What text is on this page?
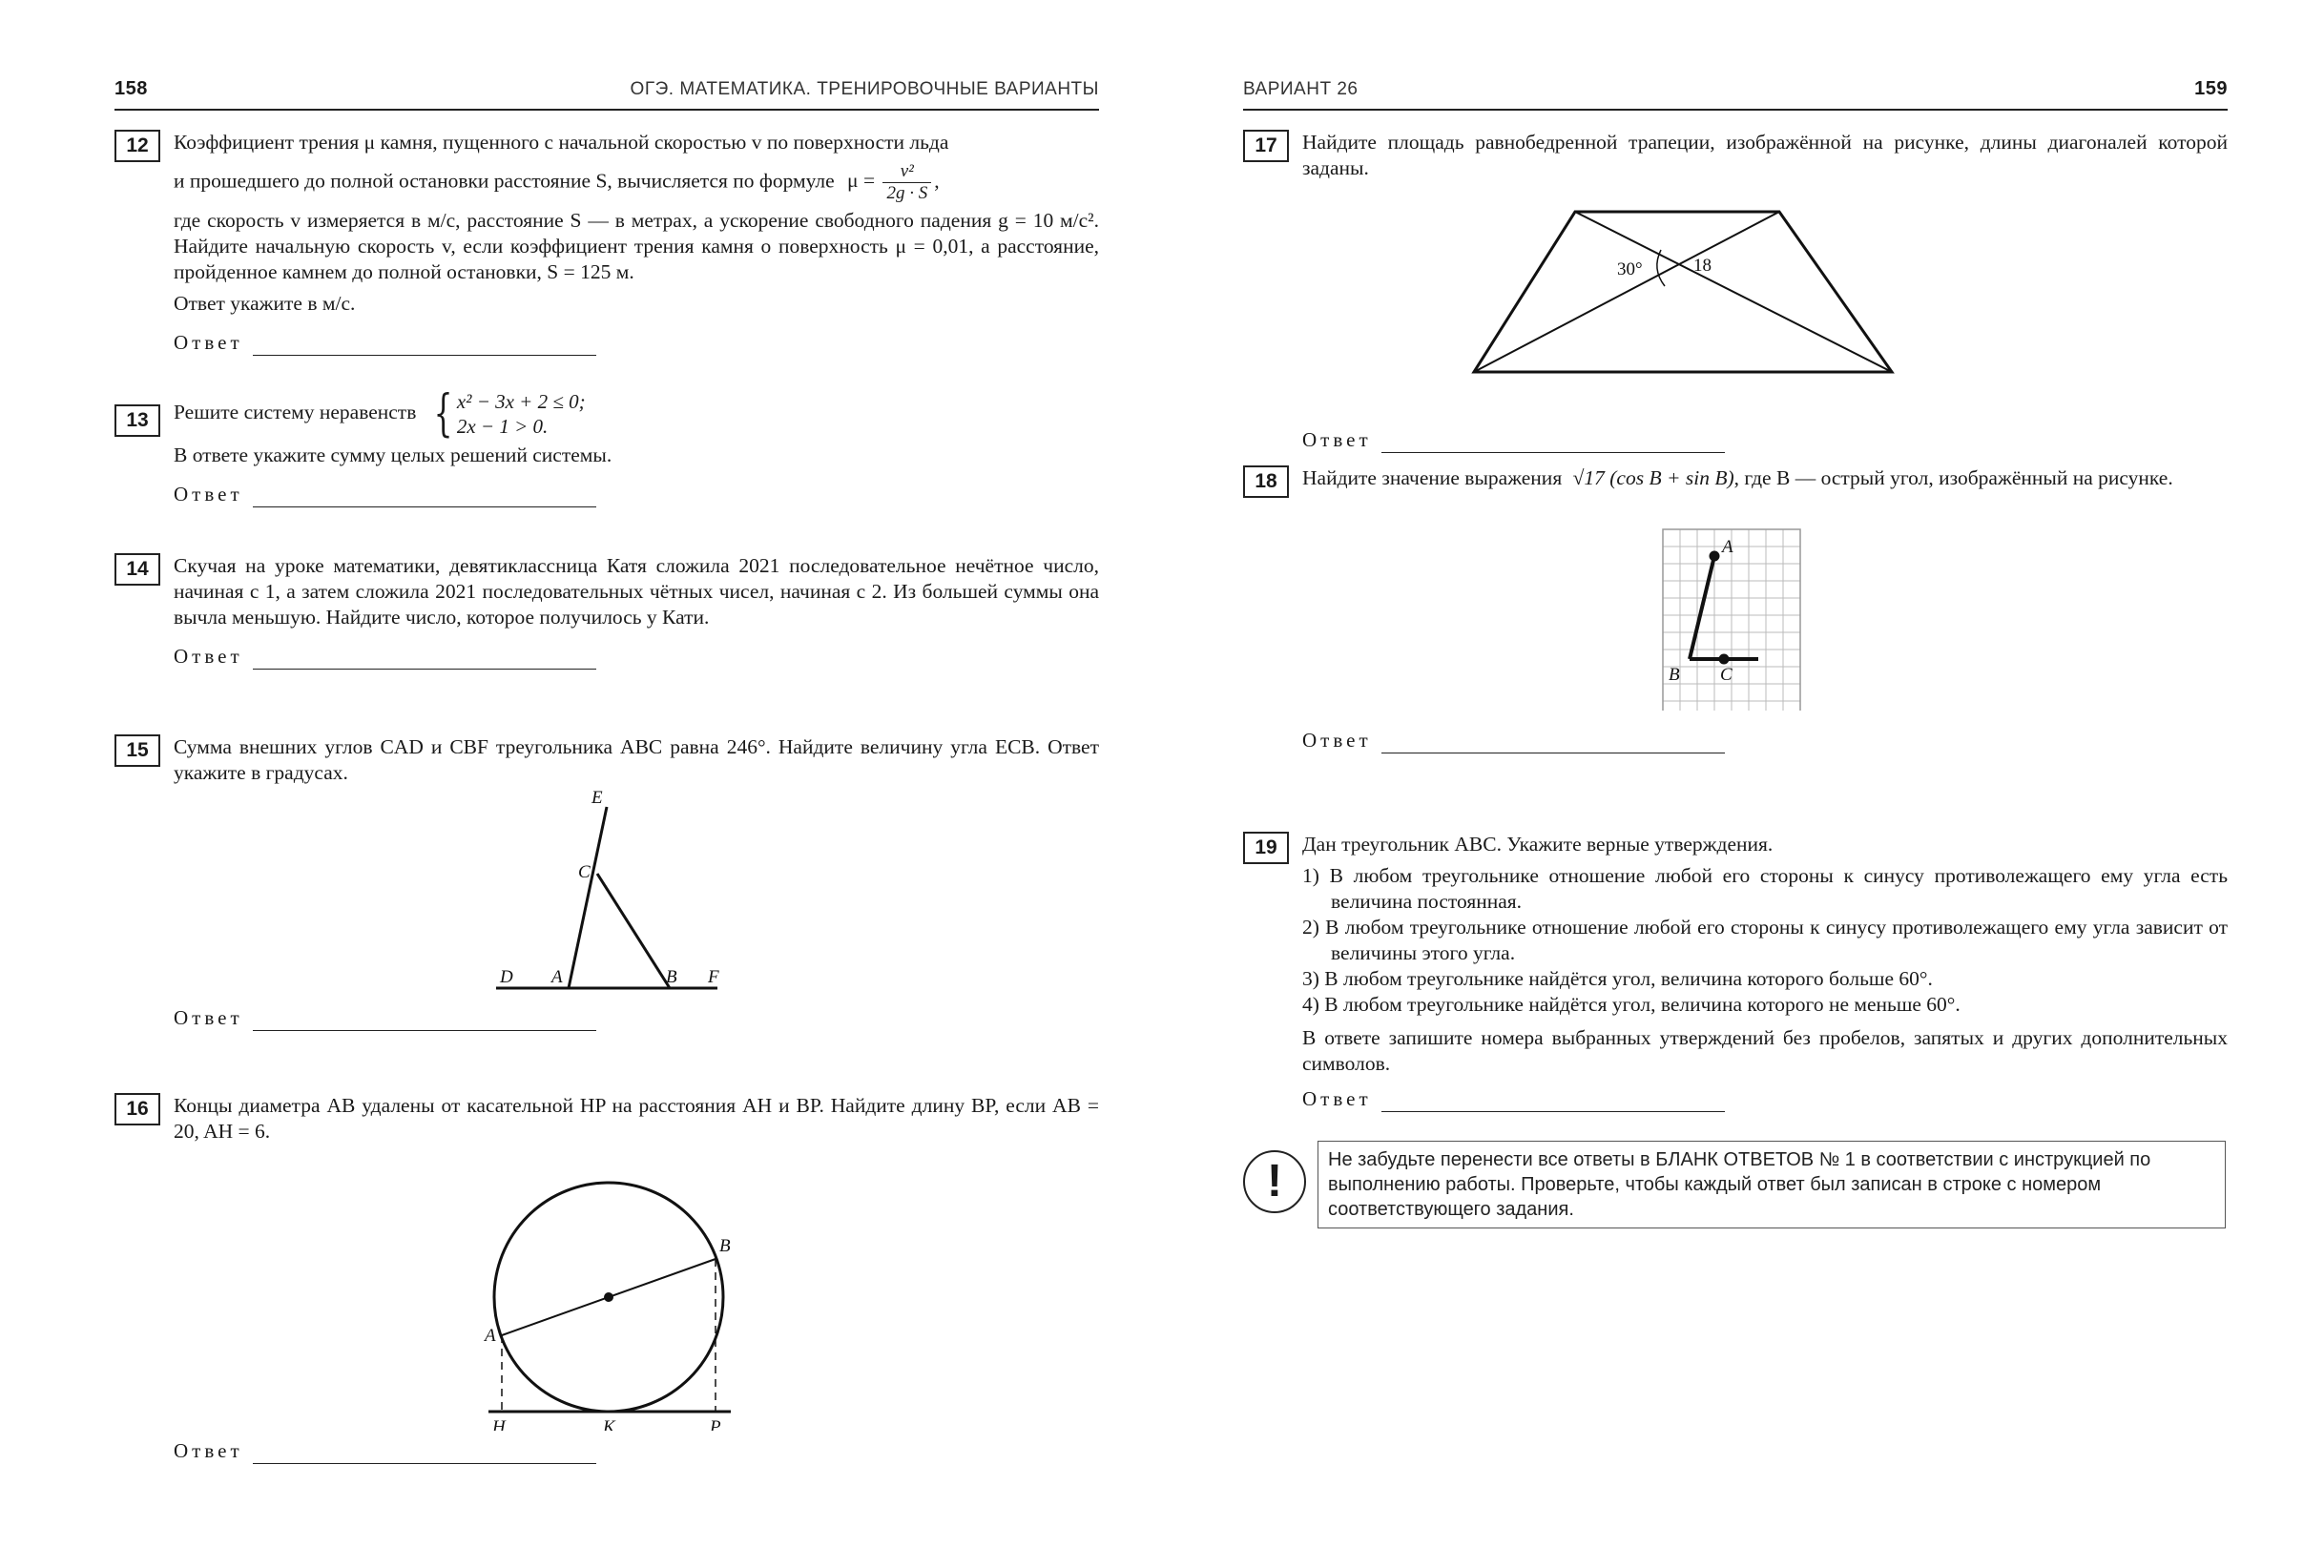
158	ОГЭ. МАТЕМАТИКА. ТРЕНИРОВОЧНЫЕ ВАРИАНТЫ
12	Коэффициент трения μ камня, пущенного с начальной скоростью v по поверхности льда

и прошедшего до полной остановки расстояние S, вычисляется по формуле $\mu = \frac{\text{v²}}{2g \cdot S}$ ,

где скорость v измеряется в м/с, расстояние S — в метрах, а ускорение свободного падения g = 10 м/с². Найдите начальную скорость v, если коэффициент трения камня о поверхность μ = 0,01, а расстояние, пройденное камнем до полной остановки, S = 125 м.

Ответ укажите в м/с.

Ответ
13	Решите систему неравенств { x² − 3x + 2 ≤ 0;
2x − 1 > 0.

В ответе укажите сумму целых решений системы.

Ответ
14	Скучая на уроке математики, девятиклассница Катя сложила 2021 последовательное нечётное число, начиная с 1, а затем сложила 2021 последовательных чётных чисел, начиная с 2. Из большей суммы она вычла меньшую. Найдите число, которое получилось у Кати.

Ответ
15	Сумма внешних углов CAD и CBF треугольника ABC равна 246°. Найдите величину угла ECB. Ответ укажите в градусах.

E
C
D A	B F
Ответ
16	Концы диаметра AB удалены от касательной HP на расстояния AH и BP. Найдите длину BP, если AB = 20, AH = 6.

A
B
H	K	P
Ответ
ВАРИАНТ 26	159
17	Найдите площадь равнобедренной трапеции, изображённой на рисунке, длины диагоналей которой заданы.

30°	18
Ответ
18	Найдите значение выражения √17 (cos B + sin B), где B — острый угол, изображённый на рисунке.

A
B C
Ответ
19	Дан треугольник ABC. Укажите верные утверждения.

1) В любом треугольнике отношение любой его стороны к синусу противолежащего ему угла есть величина постоянная.

2) В любом треугольнике отношение любой его стороны к синусу противолежащего ему угла зависит от величины этого угла.

3) В любом треугольнике найдётся угол, величина которого больше 60°.

4) В любом треугольнике найдётся угол, величина которого не меньше 60°.

В ответе запишите номера выбранных утверждений без пробелов, запятых и других дополнительных символов.

Ответ
!	Не забудьте перенести все ответы в БЛАНК ОТВЕТОВ № 1 в соответствии с инструкцией по выполнению работы. Проверьте, чтобы каждый ответ был записан в строке с номером соответствующего задания.
